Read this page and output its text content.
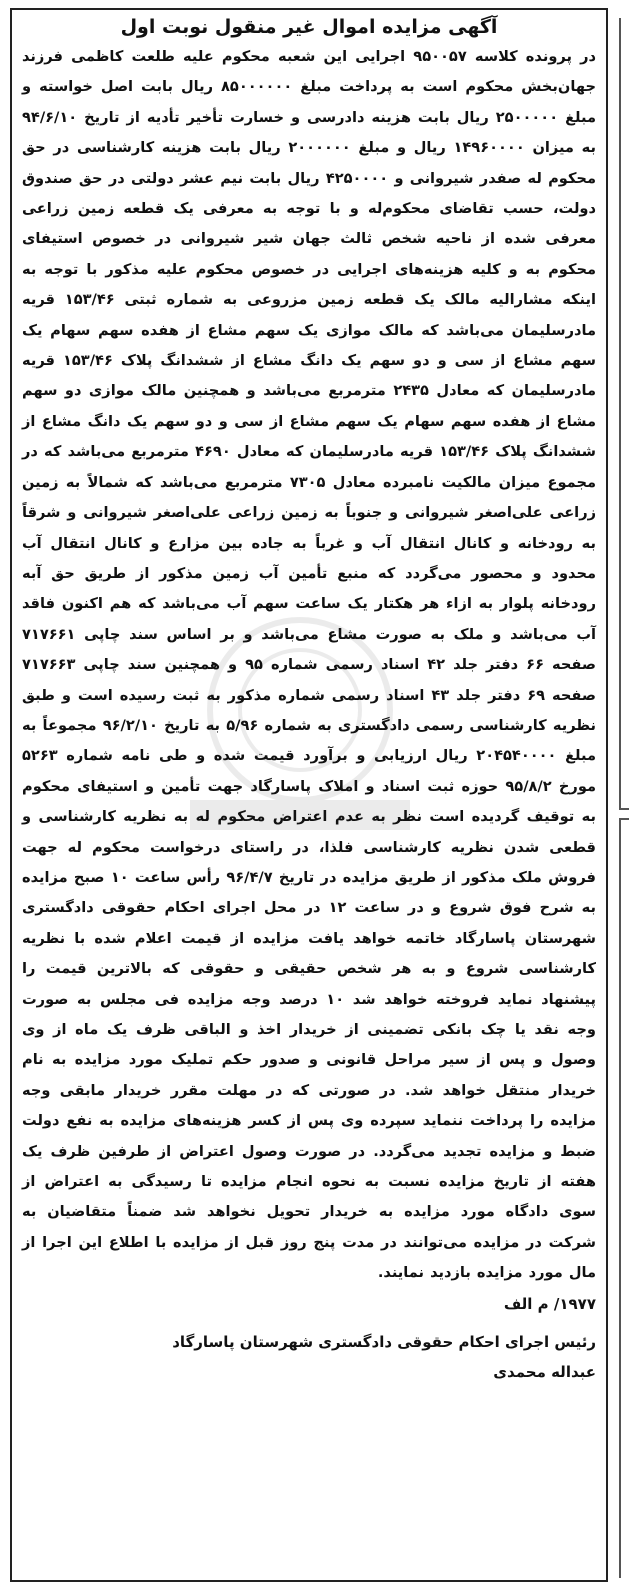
آگهی مزایده اموال غیر منقول نوبت اول

در پرونده کلاسه ۹۵۰۰۵۷ اجرایی این شعبه محکوم علیه طلعت کاظمی فرزند جهان‌بخش محکوم است به پرداخت مبلغ ۸۵۰۰۰۰۰۰ ریال بابت اصل خواسته و مبلغ ۲۵۰۰۰۰۰ ریال بابت هزینه دادرسی و خسارت تأخیر تأدیه از تاریخ ۹۴/۶/۱۰ به میزان ۱۴۹۶۰۰۰۰ ریال و مبلغ ۲۰۰۰۰۰۰ ریال بابت هزینه کارشناسی در حق محکوم له صفدر شیروانی و ۴۲۵۰۰۰۰ ریال بابت نیم عشر دولتی در حق صندوق دولت، حسب تقاضای محکوم‌له و با توجه به معرفی یک قطعه زمین زراعی معرفی شده از ناحیه شخص ثالث جهان شیر شیروانی در خصوص استیفای محکوم به و کلیه هزینه‌های اجرایی در خصوص محکوم علیه مذکور با توجه به اینکه مشارالیه مالک یک قطعه زمین مزروعی به شماره ثبتی ۱۵۳/۴۶ قریه مادرسلیمان می‌باشد که مالک موازی یک سهم مشاع از هفده سهم سهام یک سهم مشاع از سی و دو سهم یک دانگ مشاع از ششدانگ پلاک ۱۵۳/۴۶ قریه مادرسلیمان که معادل ۲۴۳۵ مترمربع می‌باشد و همچنین مالک موازی دو سهم مشاع از هفده سهم سهام یک سهم مشاع از سی و دو سهم یک دانگ مشاع از ششدانگ پلاک ۱۵۳/۴۶ قریه مادرسلیمان که معادل ۴۶۹۰ مترمربع می‌باشد که در مجموع میزان مالکیت نامبرده معادل ۷۳۰۵ مترمربع می‌باشد که شمالاً به زمین زراعی علی‌اصغر شیروانی و جنوباً به زمین زراعی علی‌اصغر شیروانی و شرقاً به رودخانه و کانال انتقال آب و غرباً به جاده بین مزارع و کانال انتقال آب محدود و محصور می‌گردد که منبع تأمین آب زمین مذکور از طریق حق آبه رودخانه پلوار به ازاء هر هکتار یک ساعت سهم آب می‌باشد که هم اکنون فاقد آب می‌باشد و ملک به صورت مشاع می‌باشد و بر اساس سند چاپی ۷۱۷۶۶۱ صفحه ۶۶ دفتر جلد ۴۲ اسناد رسمی شماره ۹۵ و همچنین سند چاپی ۷۱۷۶۶۳ صفحه ۶۹ دفتر جلد ۴۳ اسناد رسمی شماره مذکور به ثبت رسیده است و طبق نظریه کارشناسی رسمی دادگستری به شماره ۵/۹۶ به تاریخ ۹۶/۲/۱۰ مجموعاً به مبلغ ۲۰۴۵۴۰۰۰۰ ریال ارزیابی و برآورد قیمت شده و طی نامه شماره ۵۲۶۳ مورخ ۹۵/۸/۲ حوزه ثبت اسناد و املاک پاسارگاد جهت تأمین و استیفای محکوم به توقیف گردیده است نظر به عدم اعتراض محکوم له به نظریه کارشناسی و قطعی شدن نظریه کارشناسی فلذا، در راستای درخواست محکوم له جهت فروش ملک مذکور از طریق مزایده در تاریخ ۹۶/۴/۷ رأس ساعت ۱۰ صبح مزایده به شرح فوق شروع و در ساعت ۱۲ در محل اجرای احکام حقوقی دادگستری شهرستان پاسارگاد خاتمه خواهد یافت مزایده از قیمت اعلام شده با نظریه کارشناسی شروع و به هر شخص حقیقی و حقوقی که بالاترین قیمت را پیشنهاد نماید فروخته خواهد شد ۱۰ درصد وجه مزایده فی مجلس به صورت وجه نقد یا چک بانکی تضمینی از خریدار اخذ و الباقی ظرف یک ماه از وی وصول و پس از سیر مراحل قانونی و صدور حکم تملیک مورد مزایده به نام خریدار منتقل خواهد شد. در صورتی که در مهلت مقرر خریدار مابقی وجه مزایده را پرداخت ننماید سپرده وی پس از کسر هزینه‌های مزایده به نفع دولت ضبط و مزایده تجدید می‌گردد. در صورت وصول اعتراض از طرفین ظرف یک هفته از تاریخ مزایده نسبت به نحوه انجام مزایده تا رسیدگی به اعتراض از سوی دادگاه مورد مزایده به خریدار تحویل نخواهد شد ضمناً متقاضیان به شرکت در مزایده می‌توانند در مدت پنج روز قبل از مزایده با اطلاع این اجرا از مال مورد مزایده بازدید نمایند.

۱۹۷۷/ م الف

رئیس اجرای احکام حقوقی دادگستری شهرستان پاسارگاد

عبداله محمدی
